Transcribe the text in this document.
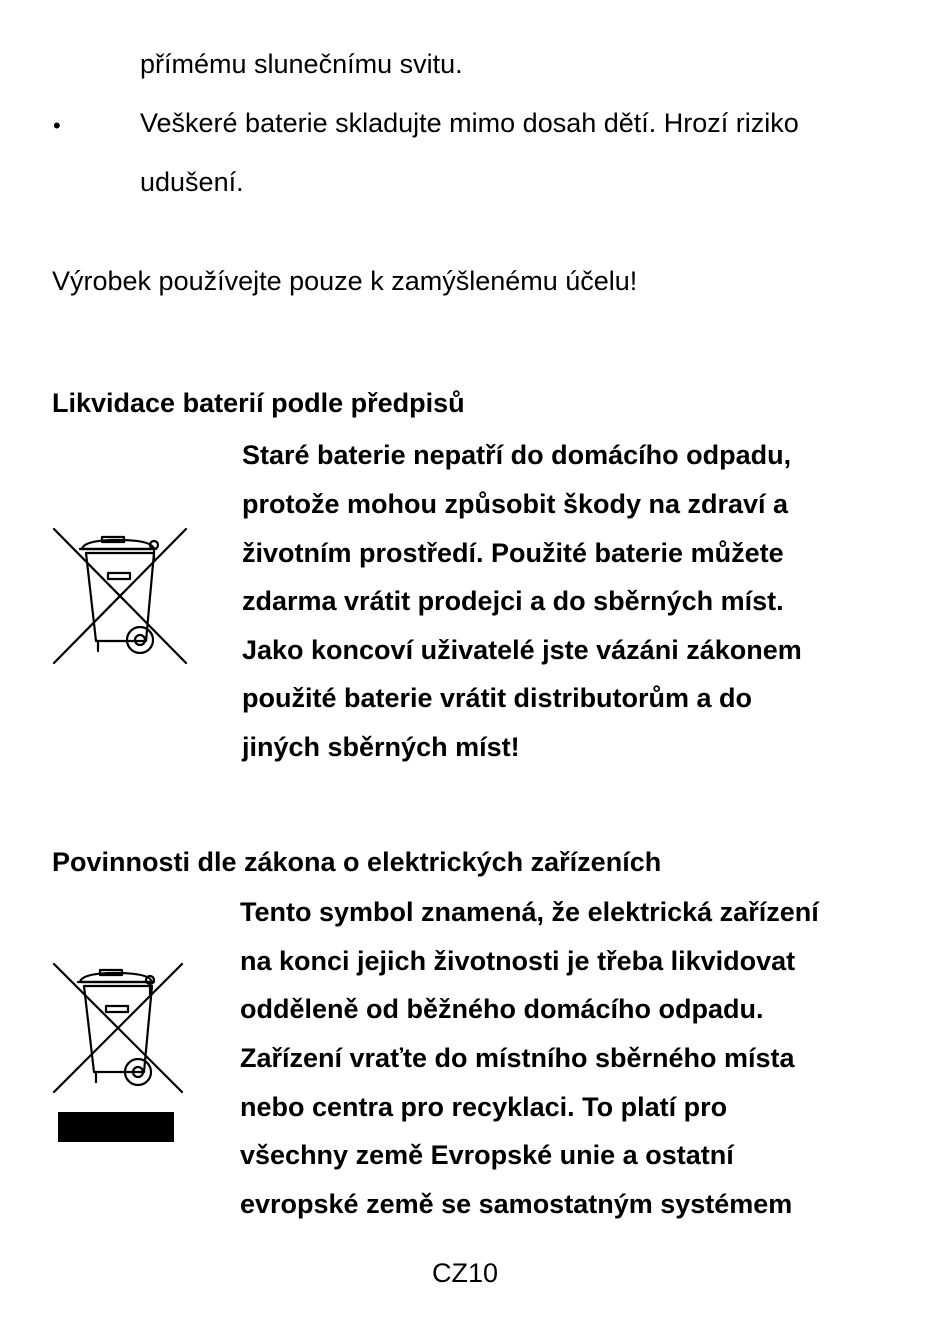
přímému slunečnímu svitu.
•	Veškeré baterie skladujte mimo dosah dětí. Hrozí riziko
udušení.
Výrobek používejte pouze k zamýšlenému účelu!
Likvidace baterií podle předpisů
Staré baterie nepatří do domácího odpadu,
protože mohou způsobit škody na zdraví a
životním prostředí. Použité baterie můžete
zdarma vrátit prodejci a do sběrných míst.
Jako koncoví uživatelé jste vázáni zákonem
použité baterie vrátit distributorům a do
jiných sběrných míst!
Povinnosti dle zákona o elektrických zařízeních
Tento symbol znamená, že elektrická zařízení
na konci jejich životnosti je třeba likvidovat
odděleně od běžného domácího odpadu.
Zařízení vraťte do místního sběrného místa
nebo centra pro recyklaci. To platí pro
všechny země Evropské unie a ostatní
evropské země se samostatným systémem
CZ10
